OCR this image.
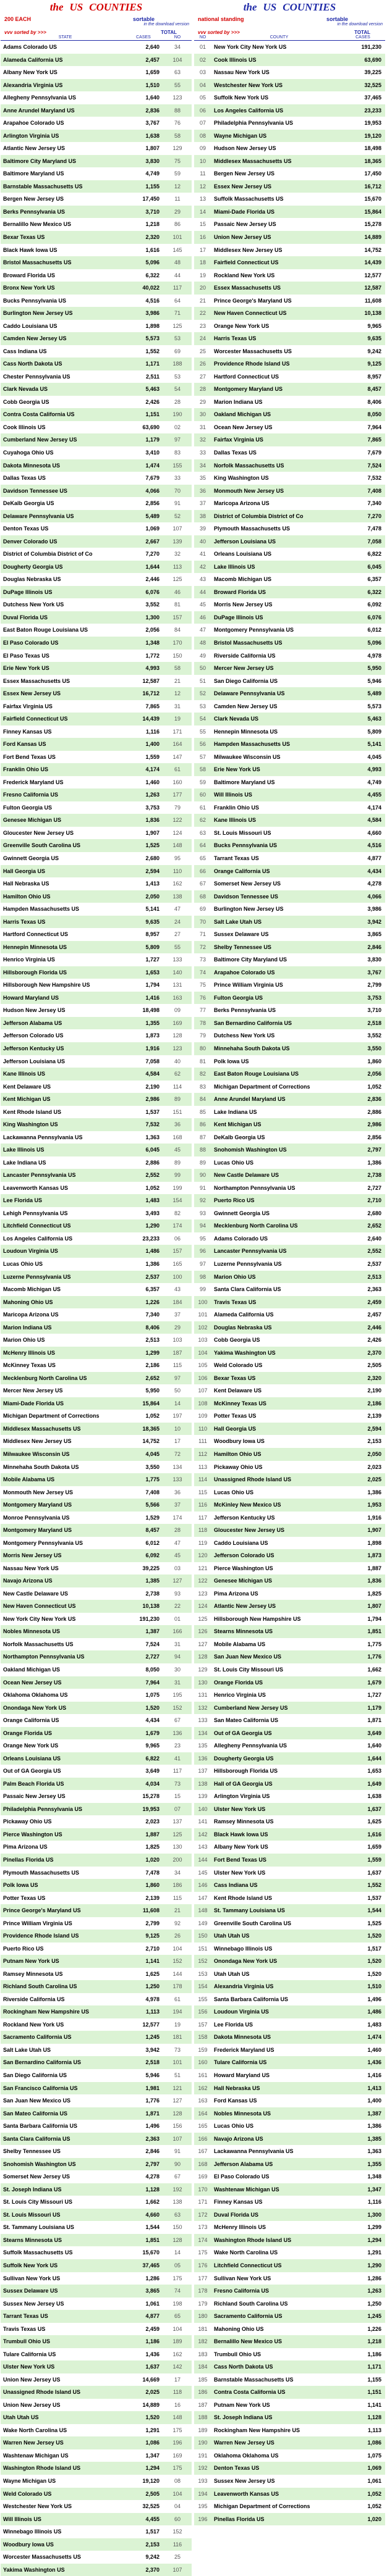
the US COUNTIES
200 EACH	sortable
in the download version
vvv sorted by >>>	TOTAL
STATE	CASES	NO
Adams Colorado US	2,640	34
Alameda California US	2,457	104
Albany New York US	1,659	63
Alexandria Virginia US	1,510	55
Allegheny Pennsylvania US	1,640	123
Anne Arundel Maryland US	2,836	88
Arapahoe Colorado US	3,767	76
Arlington Virginia US	1,638	58
Atlantic New Jersey US	1,807	129
Baltimore City Maryland US	3,830	75
Baltimore Maryland US	4,749	59
Barnstable Massachusetts US	1,155	12
Bergen New Jersey US	17,450	11
Berks Pennsylvania US	3,710	29
Bernalillo New Mexico US	1,218	86
Bexar Texas US	2,320	101
Black Hawk Iowa US	1,616	145
Bristol Massachusetts US	5,096	48
Broward Florida US	6,322	44
Bronx New York US	40,022	117
Bucks Pennsylvania US	4,516	64
Burlington New Jersey US	3,986	71
Caddo Louisiana US	1,898	125
Camden New Jersey US	5,573	53
Cass Indiana US	1,552	69
Cass North Dakota US	1,171	188
Chester Pennsylvania US	2,511	53
Clark Nevada US	5,463	54
Cobb Georgia US	2,426	28
Contra Costa California US	1,151	190
Cook Illinois US	63,690	02
Cumberland New Jersey US	1,179	97
Cuyahoga Ohio US	3,410	83
Dakota Minnesota US	1,474	155
Dallas Texas US	7,679	33
Davidson Tennessee US	4,066	70
DeKalb Georgia US	2,856	91
Delaware Pennsylvania US	5,489	52
Denton Texas US	1,069	107
Denver Colorado US	2,667	139
District of Columbia District of Co	7,270	32
Dougherty Georgia US	1,644	113
Douglas Nebraska US	2,446	125
DuPage Illinois US	6,076	46
Dutchess New York US	3,552	81
Duval Florida US	1,300	157
East Baton Rouge Louisiana US	2,056	84
El Paso Colorado US	1,348	170
El Paso Texas US	1,772	150
Erie New York US	4,993	58
Essex Massachusetts US	12,587	21
Essex New Jersey US	16,712	12
Fairfax Virginia US	7,865	31
Fairfield Connecticut US	14,439	19
Finney Kansas US	1,116	171
Ford Kansas US	1,400	164
Fort Bend Texas US	1,559	147
Franklin Ohio US	4,174	61
Frederick Maryland US	1,460	160
Fresno California US	1,263	177
Fulton Georgia US	3,753	79
Genesee Michigan US	1,836	122
Gloucester New Jersey US	1,907	124
Greenville South Carolina US	1,525	148
Gwinnett Georgia US	2,680	95
Hall Georgia US	2,594	110
Hall Nebraska US	1,413	162
Hamilton Ohio US	2,050	138
Hampden Massachusetts US	5,141	47
Harris Texas US	9,635	24
Hartford Connecticut US	8,957	27
Hennepin Minnesota US	5,809	55
Henrico Virginia US	1,727	133
Hillsborough Florida US	1,653	140
Hillsborough New Hampshire US	1,794	131
Howard Maryland US	1,416	163
Hudson New Jersey US	18,498	09
Jefferson Alabama US	1,355	169
Jefferson Colorado US	1,873	128
Jefferson Kentucky US	1,916	123
Jefferson Louisiana US	7,058	40
Kane Illinois US	4,584	62
Kent Delaware US	2,190	114
Kent Michigan US	2,986	89
Kent Rhode Island US	1,537	151
King Washington US	7,532	36
Lackawanna Pennsylvania US	1,363	168
Lake Illinois US	6,045	45
Lake Indiana US	2,886	89
Lancaster Pennsylvania US	2,552	99
Leavenworth Kansas US	1,052	199
Lee Florida US	1,483	154
Lehigh Pennsylvania US	3,493	82
Litchfield Connecticut US	1,290	174
Los Angeles California US	23,233	06
Loudoun Virginia US	1,486	157
Lucas Ohio US	1,386	165
Luzerne Pennsylvania US	2,537	100
Macomb Michigan US	6,357	43
Mahoning Ohio US	1,226	184
Maricopa Arizona US	7,340	37
Marion Indiana US	8,406	29
Marion Ohio US	2,513	103
McHenry Illinois US	1,299	187
McKinney Texas US	2,186	115
Mecklenburg North Carolina US	2,652	97
Mercer New Jersey US	5,950	50
Miami-Dade Florida US	15,864	14
Michigan Department of Corrections	1,052	197
Middlesex Massachusetts US	18,365	10
Middlesex New Jersey US	14,752	17
Milwaukee Wisconsin US	4,045	72
Minnehaha South Dakota US	3,550	134
Mobile Alabama US	1,775	133
Monmouth New Jersey US	7,408	36
Montgomery Maryland US	5,566	37
Monroe Pennsylvania US	1,529	174
Montgomery Maryland US	8,457	28
Montgomery Pennsylvania US	6,012	47
Morris New Jersey US	6,092	45
Nassau New York US	39,225	03
Navajo Arizona US	1,385	127
New Castle Delaware US	2,738	93
New Haven Connecticut US	10,138	22
New York City New York US	191,230	01
Nobles Minnesota US	1,387	166
Norfolk Massachusetts US	7,524	31
Northampton Pennsylvania US	2,727	94
Oakland Michigan US	8,050	30
Ocean New Jersey US	7,964	31
Oklahoma Oklahoma US	1,075	195
Onondaga New York US	1,520	152
Orange California US	4,434	67
Orange Florida US	1,679	136
Orange New York US	9,965	23
Orleans Louisiana US	6,822	41
Out of GA Georgia US	3,649	117
Palm Beach Florida US	4,034	73
Passaic New Jersey US	15,278	15
Philadelphia Pennsylvania US	19,953	07
Pickaway Ohio US	2,023	137
Pierce Washington US	1,887	125
Pima Arizona US	1,825	130
Pinellas Florida US	1,020	200
Plymouth Massachusetts US	7,478	34
Polk Iowa US	1,860	186
Potter Texas US	2,139	115
Prince George's Maryland US	11,608	21
Prince William Virginia US	2,799	92
Providence Rhode Island US	9,125	26
Puerto Rico US	2,710	104
Putnam New York US	1,141	152
Ramsey Minnesota US	1,625	144
Richland South Carolina US	1,250	178
Riverside California US	4,978	61
Rockingham New Hampshire US	1,113	194
Rockland New York US	12,577	19
Sacramento California US	1,245	181
Salt Lake Utah US	3,942	73
San Bernardino California US	2,518	101
San Diego California US	5,946	51
San Francisco California US	1,981	121
San Juan New Mexico US	1,776	127
San Mateo California US	1,871	128
Santa Barbara California US	1,496	156
Santa Clara California US	2,363	107
Shelby Tennessee US	2,846	91
Snohomish Washington US	2,797	90
Somerset New Jersey US	4,278	67
St. Joseph Indiana US	1,128	192
St. Louis City Missouri US	1,662	138
St. Louis Missouri US	4,660	63
St. Tammany Louisiana US	1,544	150
Stearns Minnesota US	1,851	128
Suffolk Massachusetts US	15,670	14
Suffolk New York US	37,465	05
Sullivan New York US	1,286	175
Sussex Delaware US	3,865	74
Sussex New Jersey US	1,061	198
Tarrant Texas US	4,877	65
Travis Texas US	2,459	104
Trumbull Ohio US	1,186	189
Tulare California US	1,436	162
Ulster New York US	1,637	142
Union New Jersey US	14,669	17
Unassigned Rhode Island US	2,025	118
Union New Jersey US	14,889	16
Utah Utah US	1,520	148
Wake North Carolina US	1,291	175
Warren New Jersey US	1,086	196
Washtenaw Michigan US	1,347	169
Washington Rhode Island US	1,294	175
Wayne Michigan US	19,120	08
Weld Colorado US	2,505	104
Westchester New York US	32,525	04
Will Illinois US	4,455	60
Winnebago Illinois US	1,517	152
Woodbury Iowa US	2,153	116
Worcester Massachusetts US	9,242	25
Yakima Washington US	2,370	107
the US COUNTIES
national standing	sortable
in the download version
vvv sorted by >>>	TOTAL
NO	COUNTY	CASES
01	New York City New York US	191,230
02	Cook Illinois US	63,690
03	Nassau New York US	39,225
04	Westchester New York US	32,525
05	Suffolk New York US	37,465
06	Los Angeles California US	23,233
07	Philadelphia Pennsylvania US	19,953
08	Wayne Michigan US	19,120
09	Hudson New Jersey US	18,498
10	Middlesex Massachusetts US	18,365
11	Bergen New Jersey US	17,450
12	Essex New Jersey US	16,712
13	Suffolk Massachusetts US	15,670
14	Miami-Dade Florida US	15,864
15	Passaic New Jersey US	15,278
16	Union New Jersey US	14,889
17	Middlesex New Jersey US	14,752
18	Fairfield Connecticut US	14,439
19	Rockland New York US	12,577
20	Essex Massachusetts US	12,587
21	Prince George's Maryland US	11,608
22	New Haven Connecticut US	10,138
23	Orange New York US	9,965
24	Harris Texas US	9,635
25	Worcester Massachusetts US	9,242
26	Providence Rhode Island US	9,125
27	Hartford Connecticut US	8,957
28	Montgomery Maryland US	8,457
29	Marion Indiana US	8,406
30	Oakland Michigan US	8,050
31	Ocean New Jersey US	7,964
32	Fairfax Virginia US	7,865
33	Dallas Texas US	7,679
34	Norfolk Massachusetts US	7,524
35	King Washington US	7,532
36	Monmouth New Jersey US	7,408
37	Maricopa Arizona US	7,340
38	District of Columbia District of Co	7,270
39	Plymouth Massachusetts US	7,478
40	Jefferson Louisiana US	7,058
41	Orleans Louisiana US	6,822
42	Lake Illinois US	6,045
43	Macomb Michigan US	6,357
44	Broward Florida US	6,322
45	Morris New Jersey US	6,092
46	DuPage Illinois US	6,076
47	Montgomery Pennsylvania US	6,012
48	Bristol Massachusetts US	5,096
49	Riverside California US	4,978
50	Mercer New Jersey US	5,950
51	San Diego California US	5,946
52	Delaware Pennsylvania US	5,489
53	Camden New Jersey US	5,573
54	Clark Nevada US	5,463
55	Hennepin Minnesota US	5,809
56	Hampden Massachusetts US	5,141
57	Milwaukee Wisconsin US	4,045
58	Erie New York US	4,993
59	Baltimore Maryland US	4,749
60	Will Illinois US	4,455
61	Franklin Ohio US	4,174
62	Kane Illinois US	4,584
63	St. Louis Missouri US	4,660
64	Bucks Pennsylvania US	4,516
65	Tarrant Texas US	4,877
66	Orange California US	4,434
67	Somerset New Jersey US	4,278
68	Davidson Tennessee US	4,066
69	Burlington New Jersey US	3,986
70	Salt Lake Utah US	3,942
71	Sussex Delaware US	3,865
72	Shelby Tennessee US	2,846
73	Baltimore City Maryland US	3,830
74	Arapahoe Colorado US	3,767
75	Prince William Virginia US	2,799
76	Fulton Georgia US	3,753
77	Berks Pennsylvania US	3,710
78	San Bernardino California US	2,518
79	Dutchess New York US	3,552
80	Minnehaha South Dakota US	3,550
81	Polk Iowa US	1,860
82	East Baton Rouge Louisiana US	2,056
83	Michigan Department of Corrections	1,052
84	Anne Arundel Maryland US	2,836
85	Lake Indiana US	2,886
86	Kent Michigan US	2,986
87	DeKalb Georgia US	2,856
88	Snohomish Washington US	2,797
89	Lucas Ohio US	1,386
90	New Castle Delaware US	2,738
91	Northampton Pennsylvania US	2,727
92	Puerto Rico US	2,710
93	Gwinnett Georgia US	2,680
94	Mecklenburg North Carolina US	2,652
95	Adams Colorado US	2,640
96	Lancaster Pennsylvania US	2,552
97	Luzerne Pennsylvania US	2,537
98	Marion Ohio US	2,513
99	Santa Clara California US	2,363
100	Travis Texas US	2,459
101	Alameda California US	2,457
102	Douglas Nebraska US	2,446
103	Cobb Georgia US	2,426
104	Yakima Washington US	2,370
105	Weld Colorado US	2,505
106	Bexar Texas US	2,320
107	Kent Delaware US	2,190
108	McKinney Texas US	2,186
109	Potter Texas US	2,139
110	Hall Georgia US	2,594
111	Woodbury Iowa US	2,153
112	Hamilton Ohio US	2,050
113	Pickaway Ohio US	2,023
114	Unassigned Rhode Island US	2,025
115	Lucas Ohio US	1,386
116	McKinley New Mexico US	1,953
117	Jefferson Kentucky US	1,916
118	Gloucester New Jersey US	1,907
119	Caddo Louisiana US	1,898
120	Jefferson Colorado US	1,873
121	Pierce Washington US	1,887
122	Genesee Michigan US	1,836
123	Pima Arizona US	1,825
124	Atlantic New Jersey US	1,807
125	Hillsborough New Hampshire US	1,794
126	Stearns Minnesota US	1,851
127	Mobile Alabama US	1,775
128	San Juan New Mexico US	1,776
129	St. Louis City Missouri US	1,662
130	Orange Florida US	1,679
131	Henrico Virginia US	1,727
132	Cumberland New Jersey US	1,179
133	San Mateo California US	1,871
134	Out of GA Georgia US	3,649
135	Allegheny Pennsylvania US	1,640
136	Dougherty Georgia US	1,644
137	Hillsborough Florida US	1,653
138	Hall of GA Georgia US	1,649
139	Arlington Virginia US	1,638
140	Ulster New York US	1,637
141	Ramsey Minnesota US	1,625
142	Black Hawk Iowa US	1,616
143	Albany New York US	1,659
144	Fort Bend Texas US	1,559
145	Ulster New York US	1,637
146	Cass Indiana US	1,552
147	Kent Rhode Island US	1,537
148	St. Tammany Louisiana US	1,544
149	Greenville South Carolina US	1,525
150	Utah Utah US	1,520
151	Winnebago Illinois US	1,517
152	Onondaga New York US	1,520
153	Utah Utah US	1,520
154	Alexandria Virginia US	1,510
155	Santa Barbara California US	1,496
156	Loudoun Virginia US	1,486
157	Lee Florida US	1,483
158	Dakota Minnesota US	1,474
159	Frederick Maryland US	1,460
160	Tulare California US	1,436
161	Howard Maryland US	1,416
162	Hall Nebraska US	1,413
163	Ford Kansas US	1,400
164	Nobles Minnesota US	1,387
165	Lucas Ohio US	1,386
166	Navajo Arizona US	1,385
167	Lackawanna Pennsylvania US	1,363
168	Jefferson Alabama US	1,355
169	El Paso Colorado US	1,348
170	Washtenaw Michigan US	1,347
171	Finney Kansas US	1,116
172	Duval Florida US	1,300
173	McHenry Illinois US	1,299
174	Washington Rhode Island US	1,294
175	Wake North Carolina US	1,291
176	Litchfield Connecticut US	1,290
177	Sullivan New York US	1,286
178	Fresno California US	1,263
179	Richland South Carolina US	1,250
180	Sacramento California US	1,245
181	Mahoning Ohio US	1,226
182	Bernalillo New Mexico US	1,218
183	Trumbull Ohio US	1,186
184	Cass North Dakota US	1,171
185	Barnstable Massachusetts US	1,155
186	Contra Costa California US	1,151
187	Putnam New York US	1,141
188	St. Joseph Indiana US	1,128
189	Rockingham New Hampshire US	1,113
190	Warren New Jersey US	1,086
191	Oklahoma Oklahoma US	1,075
192	Denton Texas US	1,069
193	Sussex New Jersey US	1,061
194	Leavenworth Kansas US	1,052
195	Michigan Department of Corrections	1,052
196	Pinellas Florida US	1,020
